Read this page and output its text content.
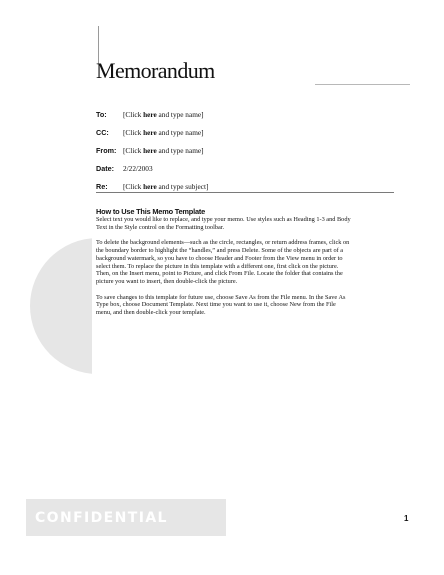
Memorandum
To: [Click here and type name]
CC: [Click here and type name]
From: [Click here and type name]
Date: 2/22/2003
Re: [Click here and type subject]
How to Use This Memo Template
Select text you would like to replace, and type your memo. Use styles such as Heading 1-3 and Body
Text in the Style control on the Formatting toolbar.
To delete the background elements—such as the circle, rectangles, or return address frames, click on
the boundary border to highlight the “handles,” and press Delete. Some of the objects are part of a
background watermark, so you have to choose Header and Footer from the View menu in order to
select them. To replace the picture in this template with a different one, first click on the picture.
Then, on the Insert menu, point to Picture, and click From File. Locate the folder that contains the
picture you want to insert, then double-click the picture.
To save changes to this template for future use, choose Save As from the File menu. In the Save As
Type box, choose Document Template. Next time you want to use it, choose New from the File
menu, and then double-click your template.
CONFIDENTIAL	1
